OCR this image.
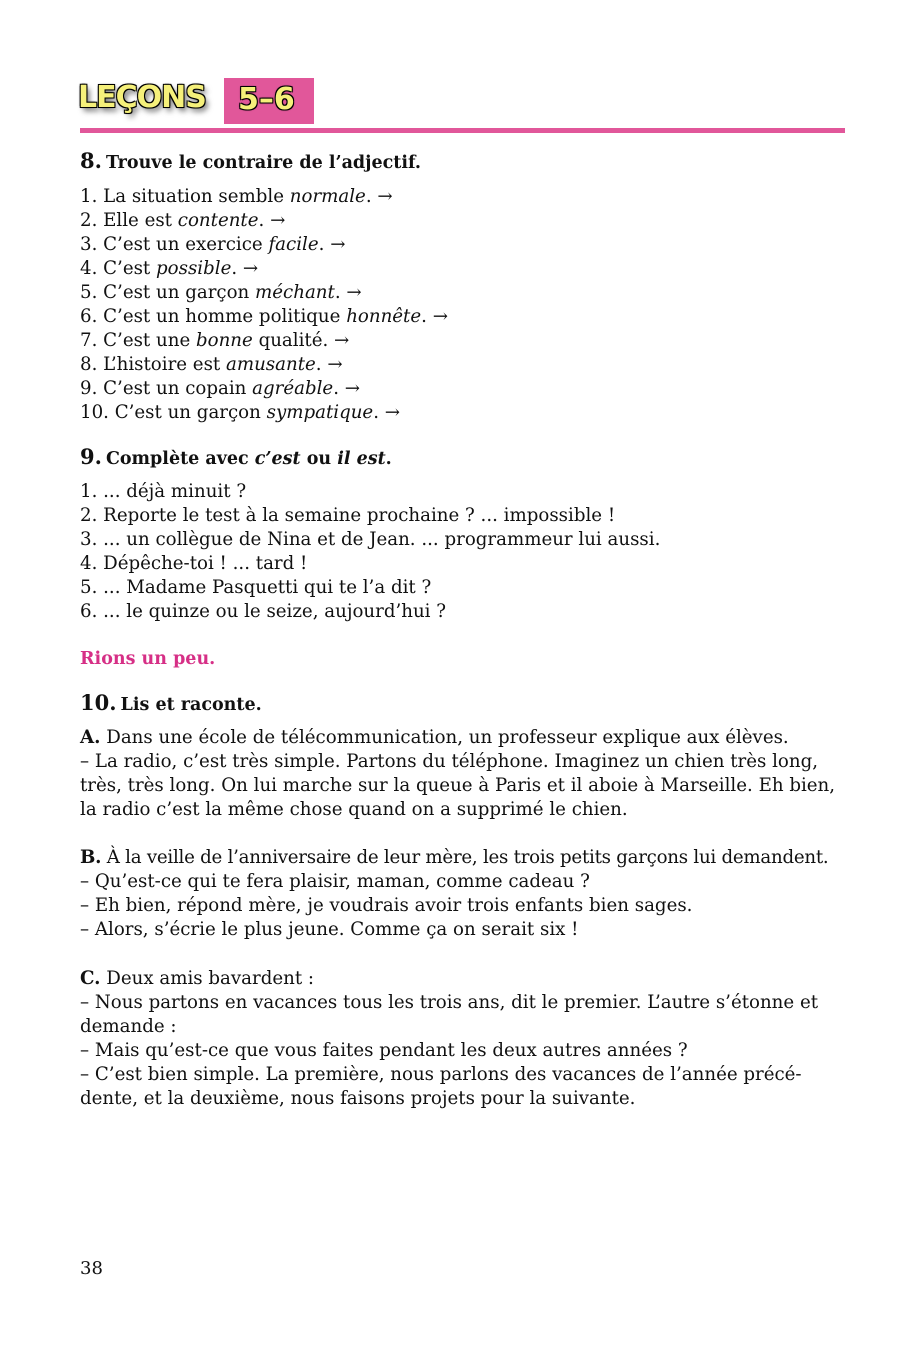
LEÇONS 5–6
8. Trouve le contraire de l’adjectif.
1. La situation semble normale. →
2. Elle est contente. →
3. C’est un exercice facile. →
4. C’est possible. →
5. C’est un garçon méchant. →
6. C’est un homme politique honnête. →
7. C’est une bonne qualité. →
8. L’histoire est amusante. →
9. C’est un copain agréable. →
10. C’est un garçon sympatique. →
9. Complète avec c’est ou il est.
1. ... déjà minuit ?
2. Reporte le test à la semaine prochaine ? ... impossible !
3. ... un collègue de Nina et de Jean. ... programmeur lui aussi.
4. Dépêche-toi ! ... tard !
5. ... Madame Pasquetti qui te l’a dit ?
6. ... le quinze ou le seize, aujourd’hui ?
Rions un peu.
10. Lis et raconte.
A. Dans une école de télécommunication, un professeur explique aux élèves.
– La radio, c’est très simple. Partons du téléphone. Imaginez un chien très long,
très, très long. On lui marche sur la queue à Paris et il aboie à Marseille. Eh bien,
la radio c’est la même chose quand on a supprimé le chien.
B. À la veille de l’anniversaire de leur mère, les trois petits garçons lui demandent.
– Qu’est-ce qui te fera plaisir, maman, comme cadeau ?
– Eh bien, répond mère, je voudrais avoir trois enfants bien sages.
– Alors, s’écrie le plus jeune. Comme ça on serait six !
C. Deux amis bavardent :
– Nous partons en vacances tous les trois ans, dit le premier. L’autre s’étonne et
demande :
– Mais qu’est-ce que vous faites pendant les deux autres années ?
– C’est bien simple. La première, nous parlons des vacances de l’année précé-
dente, et la deuxième, nous faisons projets pour la suivante.
38
